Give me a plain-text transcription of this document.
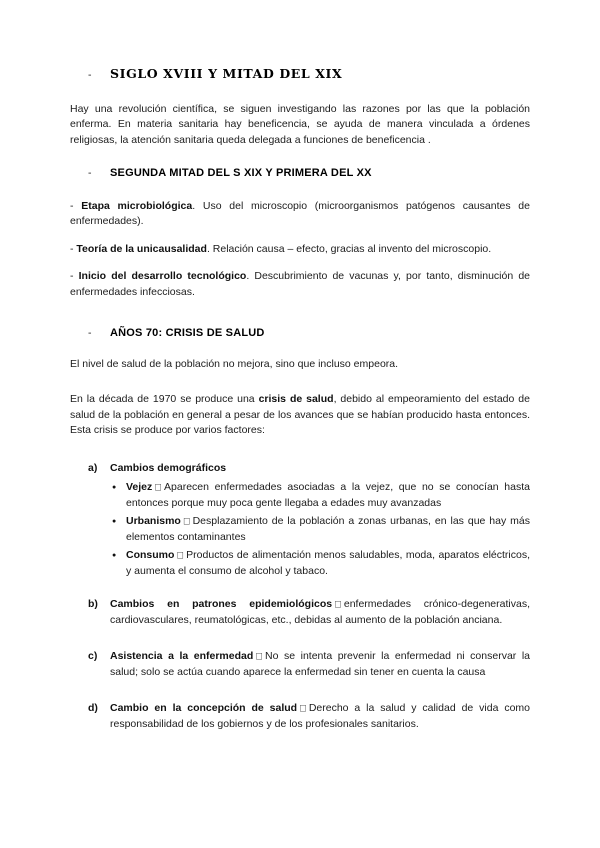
-	SIGLO XVIII Y MITAD DEL XIX

Hay una revolución científica, se siguen investigando las razones por las que la población enferma. En materia sanitaria hay beneficencia, se ayuda de manera vinculada a órdenes religiosas, la atención sanitaria queda delegada a funciones de beneficencia .

-	SEGUNDA MITAD DEL S XIX Y PRIMERA DEL XX

- Etapa microbiológica. Uso del microscopio (microorganismos patógenos causantes de enfermedades).

- Teoría de la unicausalidad. Relación causa – efecto, gracias al invento del microscopio.

- Inicio del desarrollo tecnológico. Descubrimiento de vacunas y, por tanto, disminución de enfermedades infecciosas.

-	AÑOS 70: CRISIS DE SALUD

El nivel de salud de la población no mejora, sino que incluso empeora.

En la década de 1970 se produce una crisis de salud, debido al empeoramiento del estado de salud de la población en general a pesar de los avances que se habían producido hasta entonces. Esta crisis se produce por varios factores:

a)	Cambios demográficos
● Vejez □ Aparecen enfermedades asociadas a la vejez, que no se conocían hasta entonces porque muy poca gente llegaba a edades muy avanzadas
● Urbanismo □ Desplazamiento de la población a zonas urbanas, en las que hay más elementos contaminantes
● Consumo □ Productos de alimentación menos saludables, moda, aparatos eléctricos, y aumenta el consumo de alcohol y tabaco.
b)	Cambios en patrones epidemiológicos □ enfermedades crónico-degenerativas, cardiovasculares, reumatológicas, etc., debidas al aumento de la población anciana.
c)	Asistencia a la enfermedad □ No se intenta prevenir la enfermedad ni conservar la salud; solo se actúa cuando aparece la enfermedad sin tener en cuenta la causa
d)	Cambio en la concepción de salud □ Derecho a la salud y calidad de vida como responsabilidad de los gobiernos y de los profesionales sanitarios.
